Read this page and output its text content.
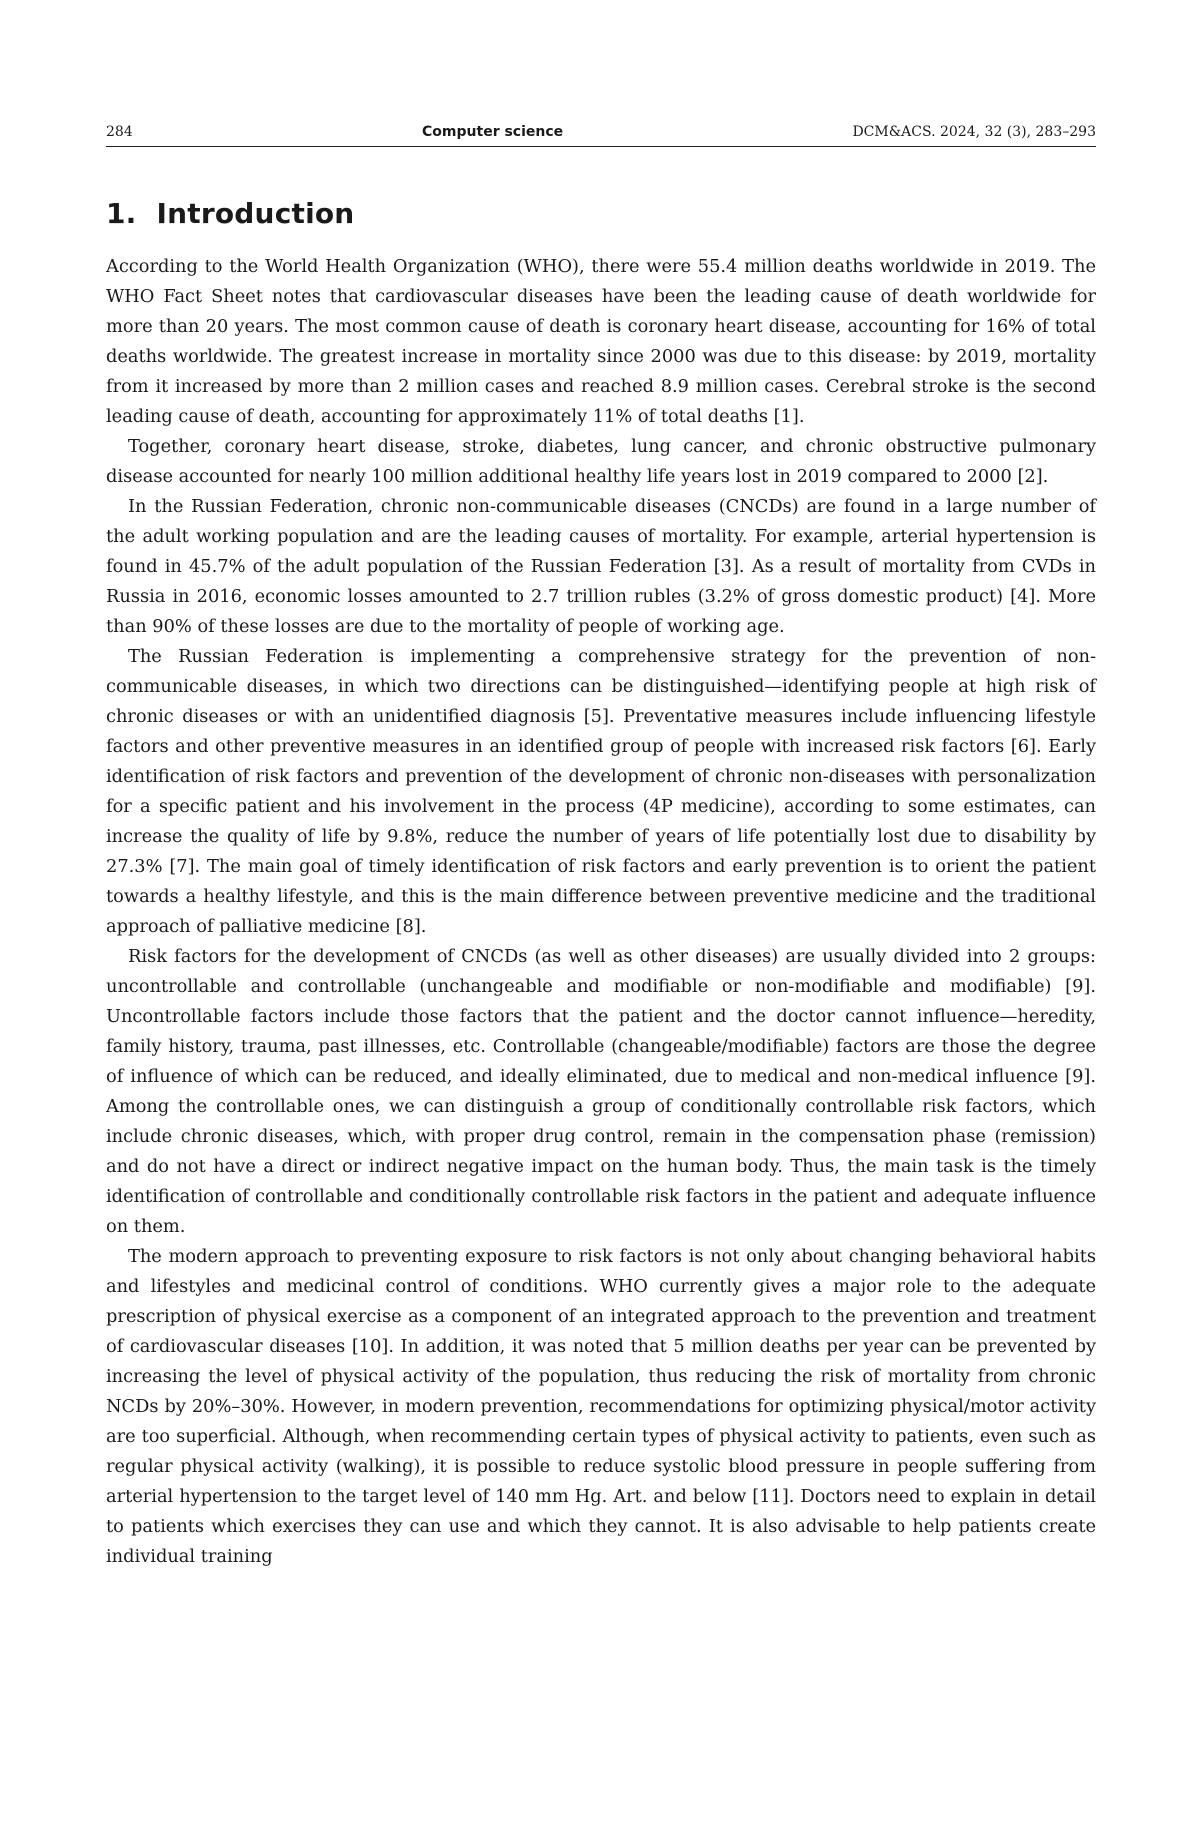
284	Computer science	DCM&ACS. 2024, 32 (3), 283–293
1. Introduction

According to the World Health Organization (WHO), there were 55.4 million deaths worldwide in 2019. The WHO Fact Sheet notes that cardiovascular diseases have been the leading cause of death worldwide for more than 20 years. The most common cause of death is coronary heart disease, accounting for 16% of total deaths worldwide. The greatest increase in mortality since 2000 was due to this disease: by 2019, mortality from it increased by more than 2 million cases and reached 8.9 million cases. Cerebral stroke is the second leading cause of death, accounting for approximately 11% of total deaths [1].

Together, coronary heart disease, stroke, diabetes, lung cancer, and chronic obstructive pulmonary disease accounted for nearly 100 million additional healthy life years lost in 2019 compared to 2000 [2].

In the Russian Federation, chronic non-communicable diseases (CNCDs) are found in a large number of the adult working population and are the leading causes of mortality. For example, arterial hypertension is found in 45.7% of the adult population of the Russian Federation [3]. As a result of mortality from CVDs in Russia in 2016, economic losses amounted to 2.7 trillion rubles (3.2% of gross domestic product) [4]. More than 90% of these losses are due to the mortality of people of working age.

The Russian Federation is implementing a comprehensive strategy for the prevention of non-communicable diseases, in which two directions can be distinguished—identifying people at high risk of chronic diseases or with an unidentified diagnosis [5]. Preventative measures include influencing lifestyle factors and other preventive measures in an identified group of people with increased risk factors [6]. Early identification of risk factors and prevention of the development of chronic non-diseases with personalization for a specific patient and his involvement in the process (4P medicine), according to some estimates, can increase the quality of life by 9.8%, reduce the number of years of life potentially lost due to disability by 27.3% [7]. The main goal of timely identification of risk factors and early prevention is to orient the patient towards a healthy lifestyle, and this is the main difference between preventive medicine and the traditional approach of palliative medicine [8].

Risk factors for the development of CNCDs (as well as other diseases) are usually divided into 2 groups: uncontrollable and controllable (unchangeable and modifiable or non-modifiable and modifiable) [9]. Uncontrollable factors include those factors that the patient and the doctor cannot influence—heredity, family history, trauma, past illnesses, etc. Controllable (changeable/modifiable) factors are those the degree of influence of which can be reduced, and ideally eliminated, due to medical and non-medical influence [9]. Among the controllable ones, we can distinguish a group of conditionally controllable risk factors, which include chronic diseases, which, with proper drug control, remain in the compensation phase (remission) and do not have a direct or indirect negative impact on the human body. Thus, the main task is the timely identification of controllable and conditionally controllable risk factors in the patient and adequate influence on them.

The modern approach to preventing exposure to risk factors is not only about changing behavioral habits and lifestyles and medicinal control of conditions. WHO currently gives a major role to the adequate prescription of physical exercise as a component of an integrated approach to the prevention and treatment of cardiovascular diseases [10]. In addition, it was noted that 5 million deaths per year can be prevented by increasing the level of physical activity of the population, thus reducing the risk of mortality from chronic NCDs by 20%–30%. However, in modern prevention, recommendations for optimizing physical/motor activity are too superficial. Although, when recommending certain types of physical activity to patients, even such as regular physical activity (walking), it is possible to reduce systolic blood pressure in people suffering from arterial hypertension to the target level of 140 mm Hg. Art. and below [11]. Doctors need to explain in detail to patients which exercises they can use and which they cannot. It is also advisable to help patients create individual training
